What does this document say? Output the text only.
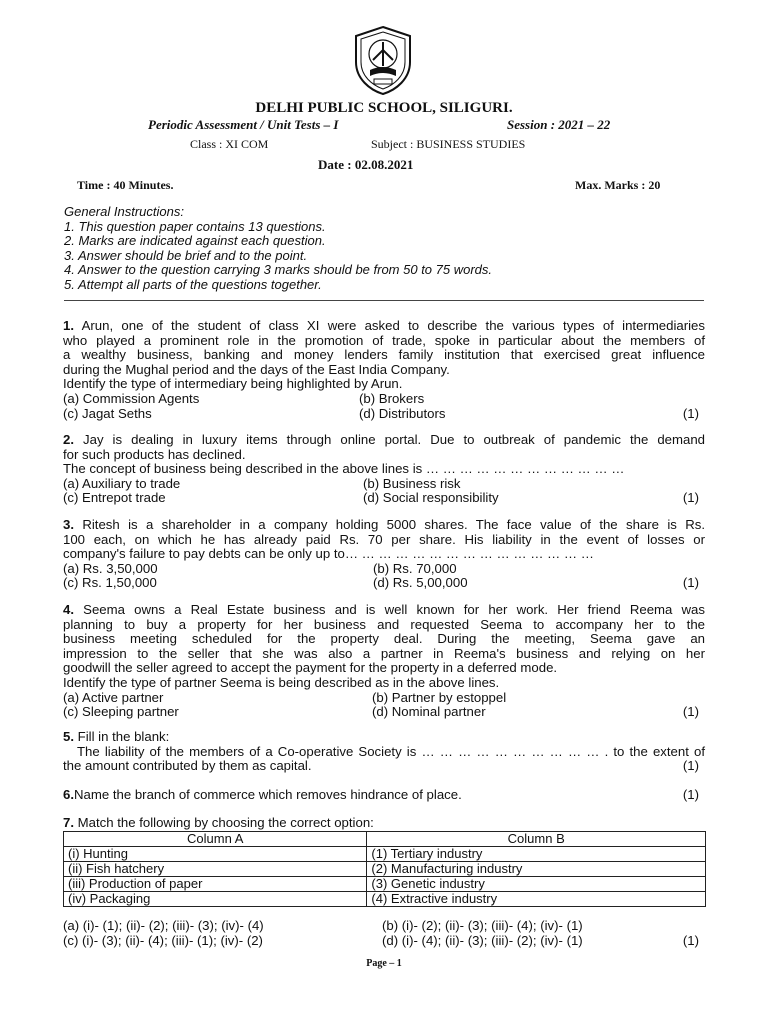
DELHI PUBLIC SCHOOL, SILIGURI.
Periodic Assessment / Unit Tests – I	Session : 2021 – 22
Class : XI COM	Subject : BUSINESS STUDIES
Date : 02.08.2021
Time : 40 Minutes.	Max. Marks : 20
General Instructions:
1. This question paper contains 13 questions.
2. Marks are indicated against each question.
3. Answer should be brief and to the point.
4. Answer to the question carrying 3 marks should be from 50 to 75 words.
5. Attempt all parts of the questions together.

1. Arun, one of the student of class XI were asked to describe the various types of intermediaries

who played a prominent role in the promotion of trade, spoke in particular about the members of

a wealthy business, banking and money lenders family institution that exercised great influence

during the Mughal period and the days of the East India Company.

Identify the type of intermediary being highlighted by Arun.

(a) Commission Agents	(b) Brokers
(c) Jagat Seths	(d) Distributors	(1)

2. Jay is dealing in luxury items through online portal. Due to outbreak of pandemic the demand

for such products has declined.

The concept of business being described in the above lines is … … … … … … … … … … … …

(a) Auxiliary to trade	(b) Business risk
(c) Entrepot trade	(d) Social responsibility	(1)

3. Ritesh is a shareholder in a company holding 5000 shares. The face value of the share is Rs.

100 each, on which he has already paid Rs. 70 per share. His liability in the event of losses or

company's failure to pay debts can be only up to… … … … … … … … … … … … … … …

(a) Rs. 3,50,000	(b) Rs. 70,000
(c) Rs. 1,50,000	(d) Rs. 5,00,000	(1)

4. Seema owns a Real Estate business and is well known for her work. Her friend Reema was

planning to buy a property for her business and requested Seema to accompany her to the

business meeting scheduled for the property deal. During the meeting, Seema gave an

impression to the seller that she was also a partner in Reema's business and relying on her

goodwill the seller agreed to accept the payment for the property in a deferred mode.

Identify the type of partner Seema is being described as in the above lines.

(a) Active partner	(b) Partner by estoppel
(c) Sleeping partner	(d) Nominal partner	(1)

5. Fill in the blank:

The liability of the members of a Co-operative Society is … … … … … … … … … … . to the extent of

the amount contributed by them as capital.	(1)
6. Name the branch of commerce which removes hindrance of place.	(1)

7. Match the following by choosing the correct option:

Column A	Column B
(i) Hunting	(1) Tertiary industry
(ii) Fish hatchery	(2) Manufacturing industry
(iii) Production of paper	(3) Genetic industry
(iv) Packaging	(4) Extractive industry
(a) (i)- (1); (ii)- (2); (iii)- (3); (iv)- (4)	(b) (i)- (2); (ii)- (3); (iii)- (4); (iv)- (1)
(c) (i)- (3); (ii)- (4); (iii)- (1); (iv)- (2)	(d) (i)- (4); (ii)- (3); (iii)- (2); (iv)- (1)	(1)
Page – 1
